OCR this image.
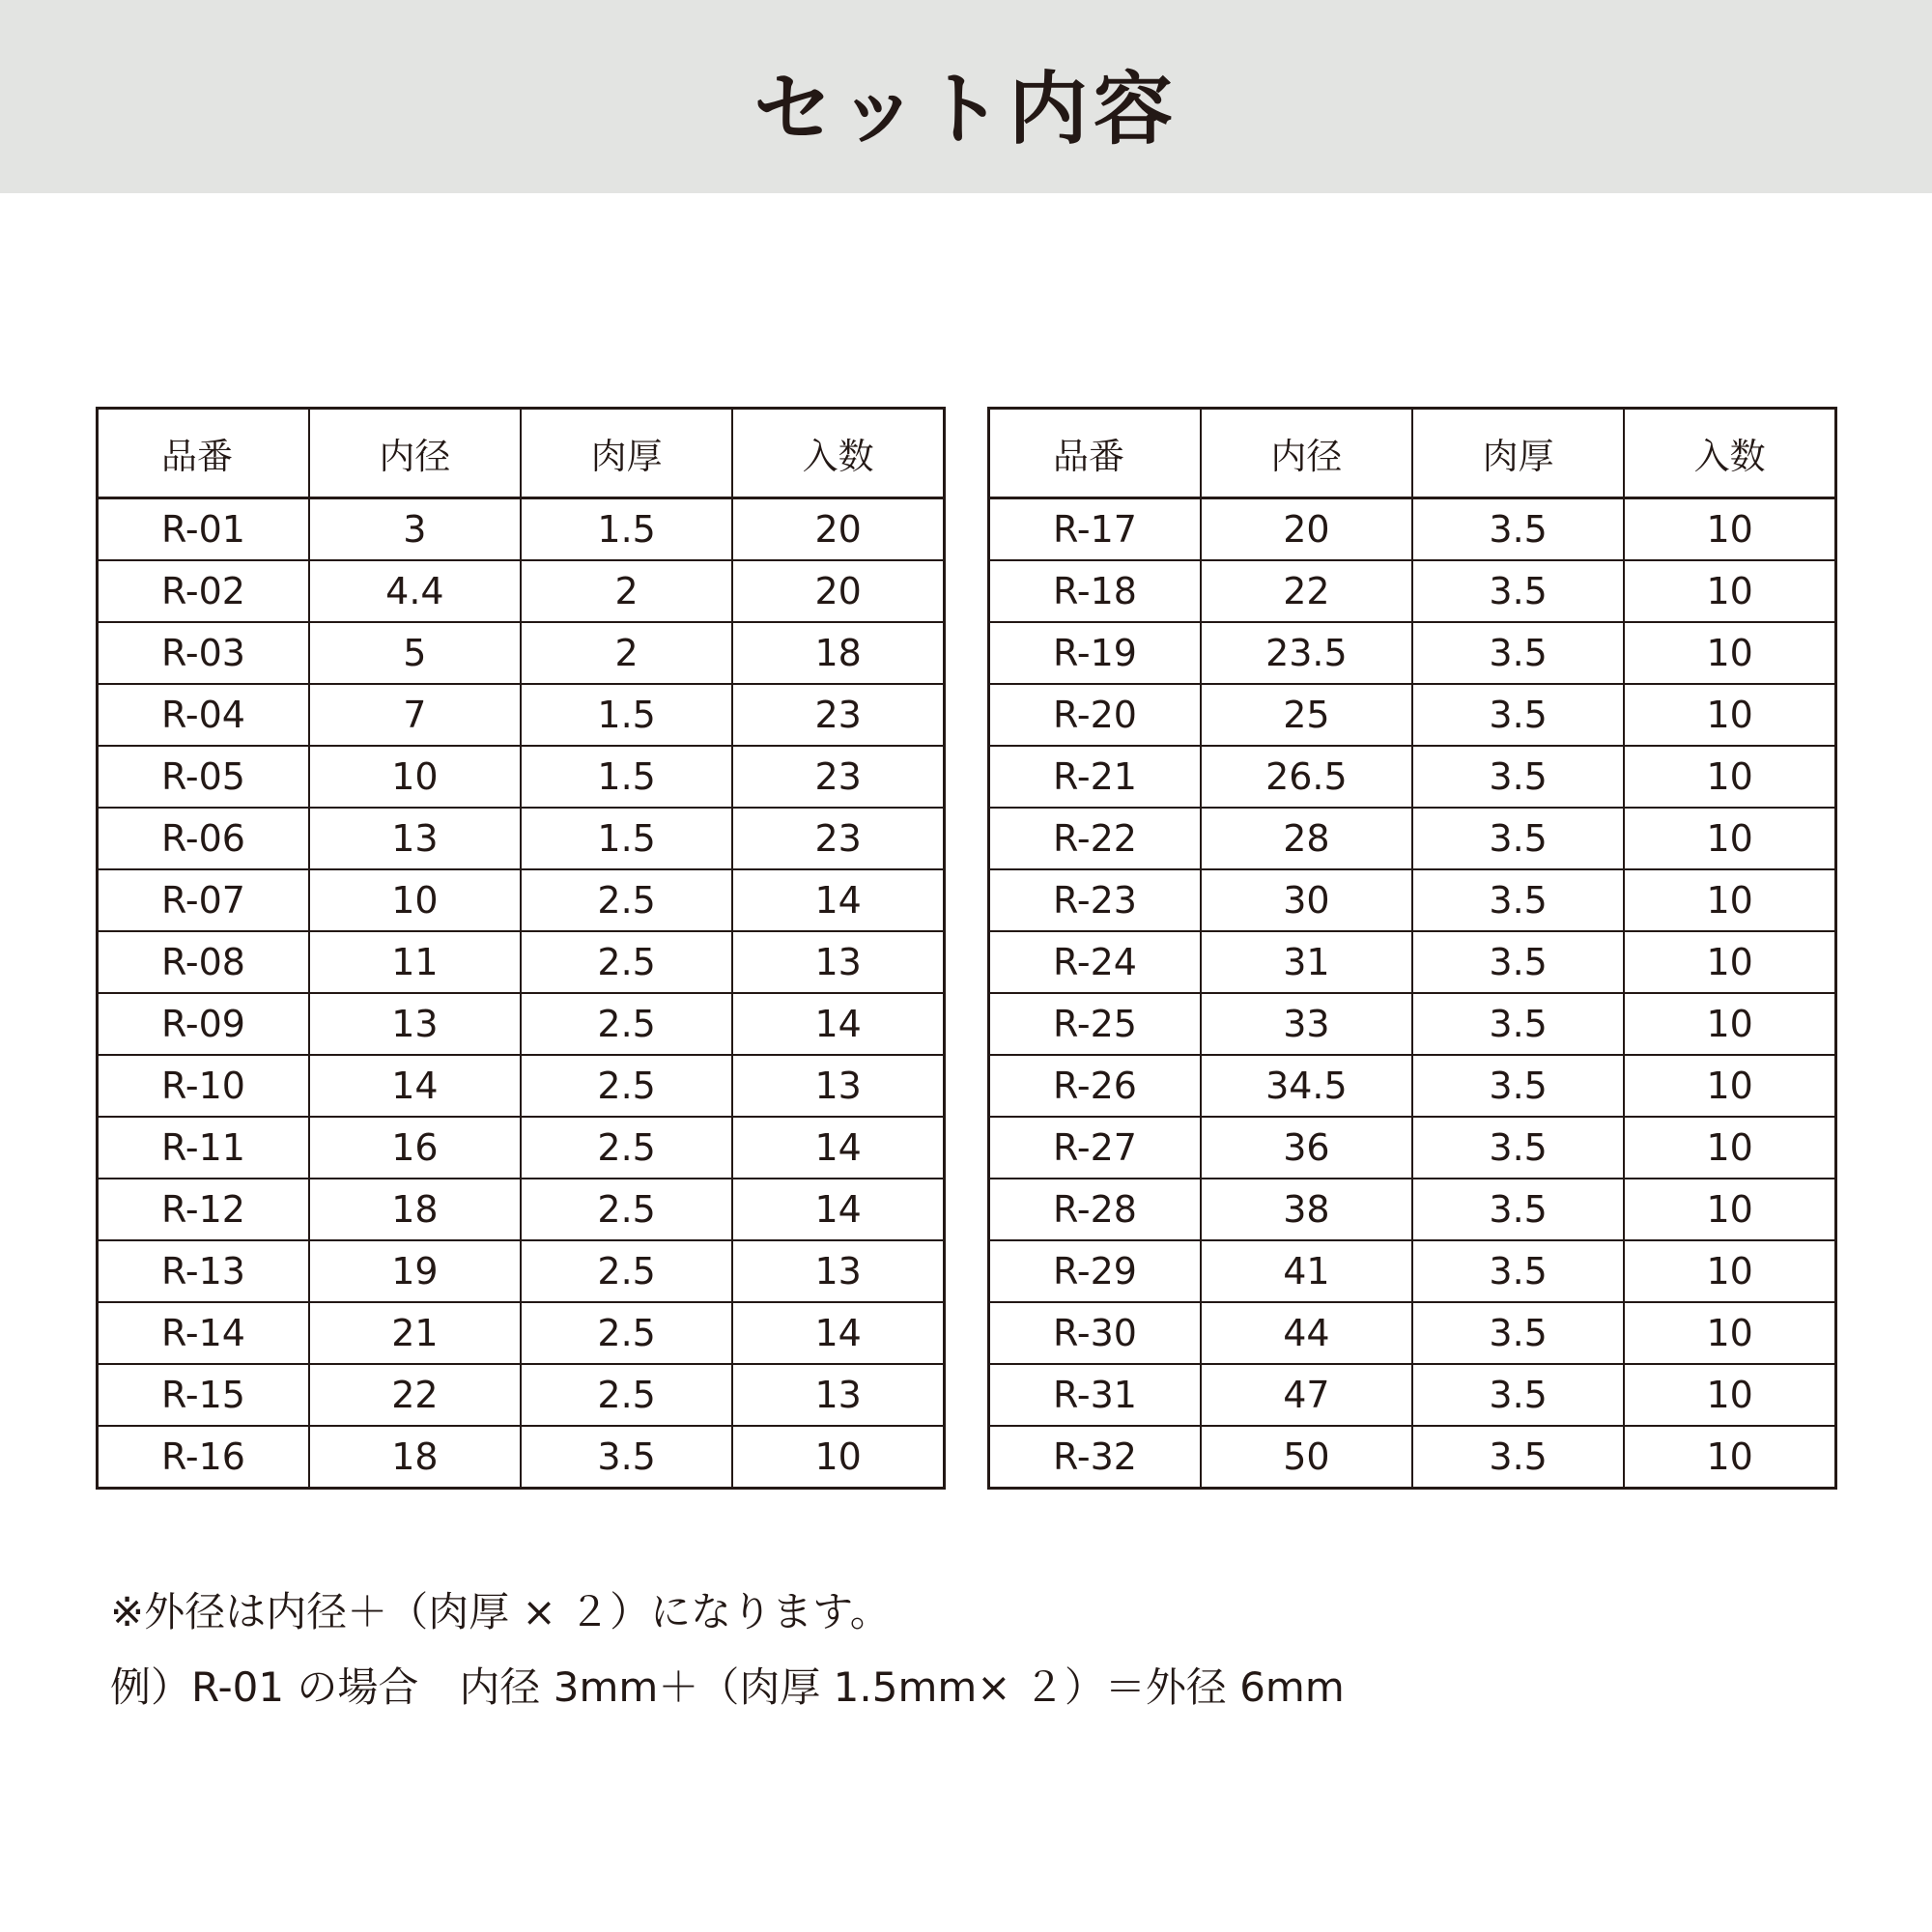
セット内容
品番	内径	肉厚	入数
R-01	3	1.5	20
R-02	4.4	2	20
R-03	5	2	18
R-04	7	1.5	23
R-05	10	1.5	23
R-06	13	1.5	23
R-07	10	2.5	14
R-08	11	2.5	13
R-09	13	2.5	14
R-10	14	2.5	13
R-11	16	2.5	14
R-12	18	2.5	14
R-13	19	2.5	13
R-14	21	2.5	14
R-15	22	2.5	13
R-16	18	3.5	10
品番	内径	肉厚	入数
R-17	20	3.5	10
R-18	22	3.5	10
R-19	23.5	3.5	10
R-20	25	3.5	10
R-21	26.5	3.5	10
R-22	28	3.5	10
R-23	30	3.5	10
R-24	31	3.5	10
R-25	33	3.5	10
R-26	34.5	3.5	10
R-27	36	3.5	10
R-28	38	3.5	10
R-29	41	3.5	10
R-30	44	3.5	10
R-31	47	3.5	10
R-32	50	3.5	10
※外径は内径＋（肉厚 × ２）になります。
例）R-01 の場合　内径 3mm＋（肉厚 1.5mm× ２）＝外径 6mm
